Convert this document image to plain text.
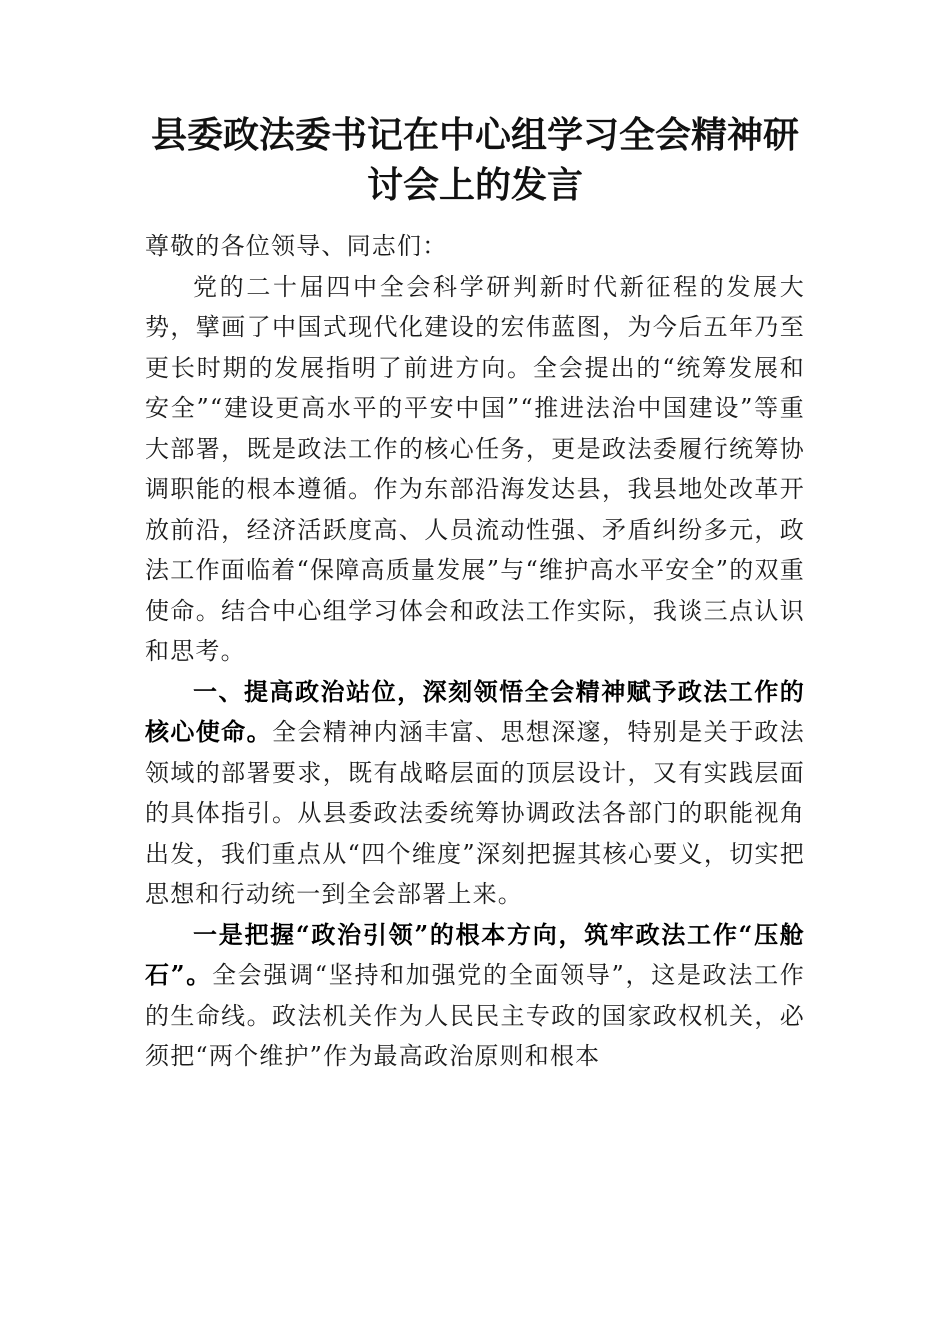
县委政法委书记在中心组学习全会精神研
讨会上的发言

尊敬的各位领导、同志们：

党的二十届四中全会科学研判新时代新征程的发展大势，擘画了中国式现代化建设的宏伟蓝图，为今后五年乃至更长时期的发展指明了前进方向。全会提出的“统筹发展和安全”“建设更高水平的平安中国”“推进法治中国建设”等重大部署，既是政法工作的核心任务，更是政法委履行统筹协调职能的根本遵循。作为东部沿海发达县，我县地处改革开放前沿，经济活跃度高、人员流动性强、矛盾纠纷多元，政法工作面临着“保障高质量发展”与“维护高水平安全”的双重使命。结合中心组学习体会和政法工作实际，我谈三点认识和思考。

一、提高政治站位，深刻领悟全会精神赋予政法工作的核心使命。全会精神内涵丰富、思想深邃，特别是关于政法领域的部署要求，既有战略层面的顶层设计，又有实践层面的具体指引。从县委政法委统筹协调政法各部门的职能视角出发，我们重点从“四个维度”深刻把握其核心要义，切实把思想和行动统一到全会部署上来。

一是把握“政治引领”的根本方向，筑牢政法工作“压舱石”。全会强调“坚持和加强党的全面领导”，这是政法工作的生命线。政法机关作为人民民主专政的国家政权机关，必须把“两个维护”作为最高政治原则和根本
